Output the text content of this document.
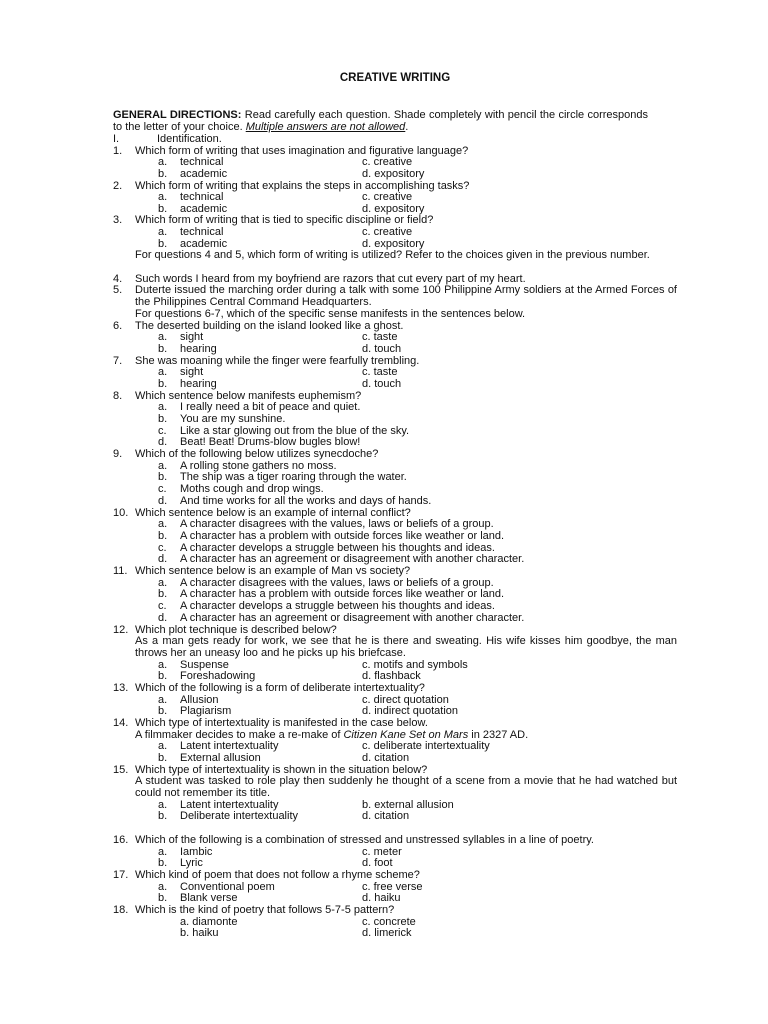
CREATIVE WRITING
GENERAL DIRECTIONS: Read carefully each question. Shade completely with pencil the circle corresponds to the letter of your choice. Multiple answers are not allowed.
I.	Identification.
1. Which form of writing that uses imagination and figurative language?
a. technical
b. academic
c. creative
d. expository
2. Which form of writing that explains the steps in accomplishing tasks?
a. technical
b. academic
c. creative
d. expository
3. Which form of writing that is tied to specific discipline or field?
a. technical
b. academic
c. creative
d. expository
For questions 4 and 5, which form of writing is utilized? Refer to the choices given in the previous number.
4. Such words I heard from my boyfriend are razors that cut every part of my heart.
5. Duterte issued the marching order during a talk with some 100 Philippine Army soldiers at the Armed Forces of the Philippines Central Command Headquarters.
For questions 6-7, which of the specific sense manifests in the sentences below.
6. The deserted building on the island looked like a ghost.
a. sight
b. hearing
c. taste
d. touch
7. She was moaning while the finger were fearfully trembling.
a. sight
b. hearing
c. taste
d. touch
8. Which sentence below manifests euphemism?
a. I really need a bit of peace and quiet.
b. You are my sunshine.
c. Like a star glowing out from the blue of the sky.
d. Beat! Beat! Drums-blow bugles blow!
9. Which of the following below utilizes synecdoche?
a. A rolling stone gathers no moss.
b. The ship was a tiger roaring through the water.
c. Moths cough and drop wings.
d. And time works for all the works and days of hands.
10. Which sentence below is an example of internal conflict?
a. A character disagrees with the values, laws or beliefs of a group.
b. A character has a problem with outside forces like weather or land.
c. A character develops a struggle between his thoughts and ideas.
d. A character has an agreement or disagreement with another character.
11. Which sentence below is an example of Man vs society?
a. A character disagrees with the values, laws or beliefs of a group.
b. A character has a problem with outside forces like weather or land.
c. A character develops a struggle between his thoughts and ideas.
d. A character has an agreement or disagreement with another character.
12. Which plot technique is described below?
As a man gets ready for work, we see that he is there and sweating. His wife kisses him goodbye, the man throws her an uneasy loo and he picks up his briefcase.
a. Suspense
b. Foreshadowing
c. motifs and symbols
d. flashback
13. Which of the following is a form of deliberate intertextuality?
a. Allusion
b. Plagiarism
c. direct quotation
d. indirect quotation
14. Which type of intertextuality is manifested in the case below.
A filmmaker decides to make a re-make of Citizen Kane Set on Mars in 2327 AD.
a. Latent intertextuality
b. External allusion
c. deliberate intertextuality
d. citation
15. Which type of intertextuality is shown in the situation below?
A student was tasked to role play then suddenly he thought of a scene from a movie that he had watched but could not remember its title.
a. Latent intertextuality
b. Deliberate intertextuality
b. external allusion
d. citation
16. Which of the following is a combination of stressed and unstressed syllables in a line of poetry.
a. Iambic
b. Lyric
c. meter
d. foot
17. Which kind of poem that does not follow a rhyme scheme?
a. Conventional poem
b. Blank verse
c. free verse
d. haiku
18. Which is the kind of poetry that follows 5-7-5 pattern?
a. diamonte
b. haiku
c. concrete
d. limerick
